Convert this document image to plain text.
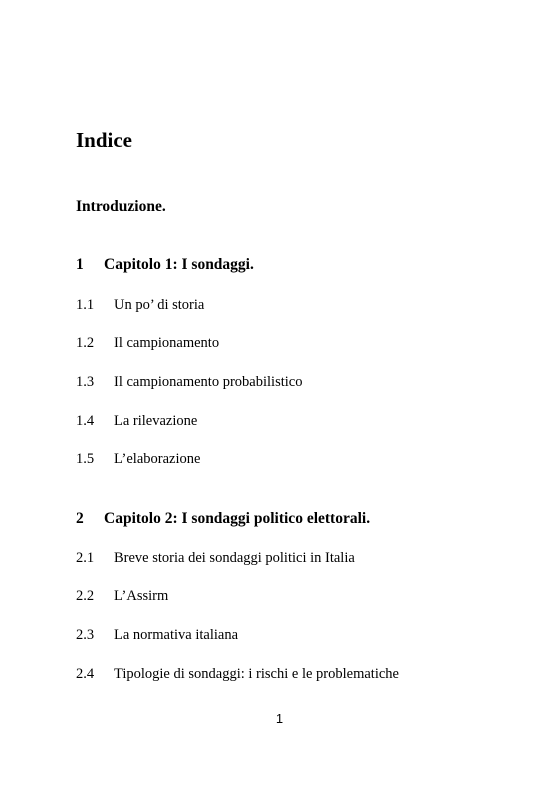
Indice
Introduzione.
1 Capitolo 1: I sondaggi.
1.1 Un po’ di storia
1.2 Il campionamento
1.3 Il campionamento probabilistico
1.4 La rilevazione
1.5 L’elaborazione
2 Capitolo 2: I sondaggi politico elettorali.
2.1 Breve storia dei sondaggi politici in Italia
2.2 L’Assirm
2.3 La normativa italiana
2.4 Tipologie di sondaggi: i rischi e le problematiche
1
